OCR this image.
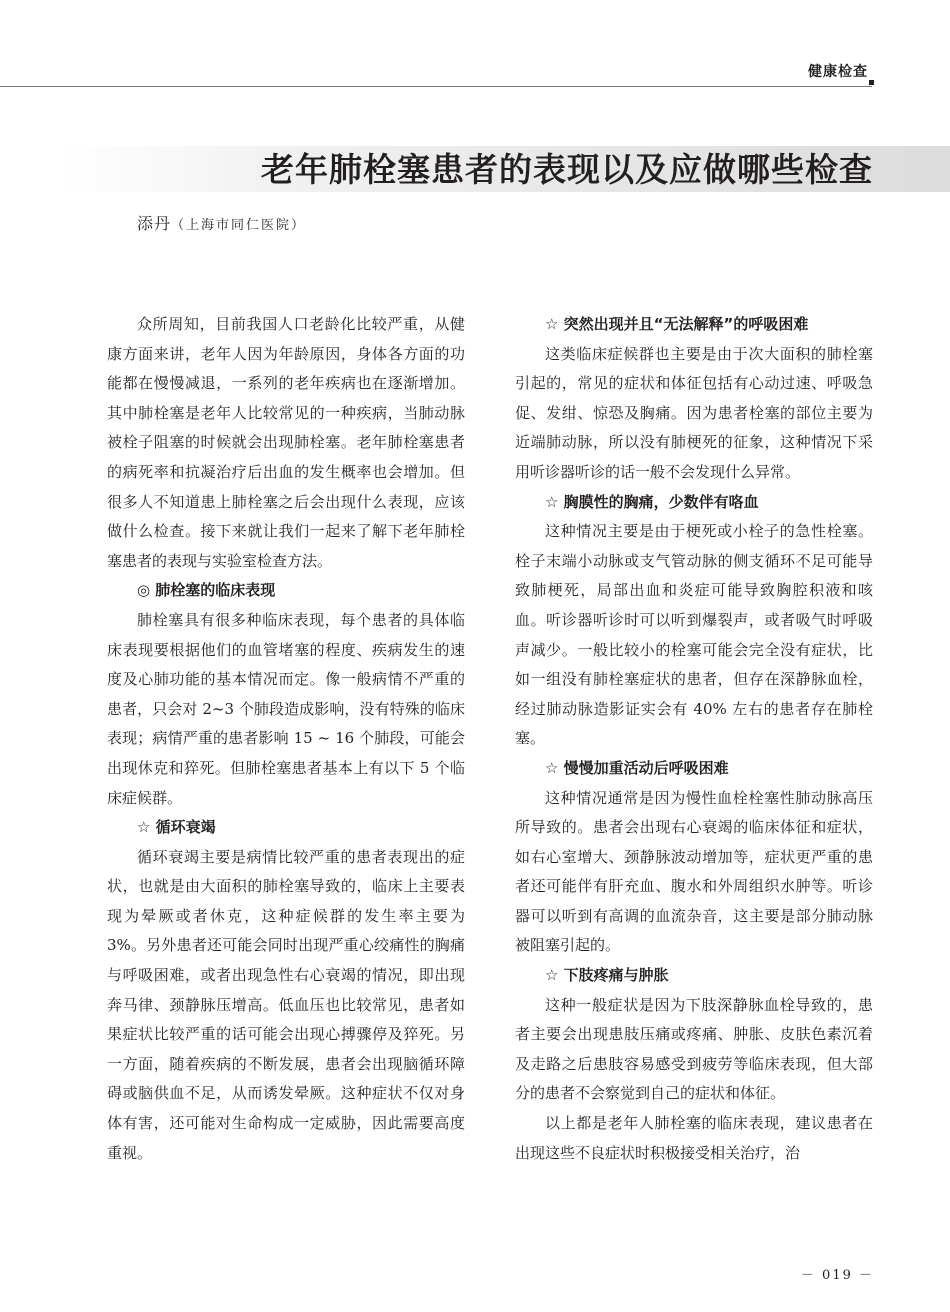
健康检查
老年肺栓塞患者的表现以及应做哪些检查
添丹（上海市同仁医院）

众所周知，目前我国人口老龄化比较严重，从健康方面来讲，老年人因为年龄原因，身体各方面的功能都在慢慢减退，一系列的老年疾病也在逐渐增加。其中肺栓塞是老年人比较常见的一种疾病，当肺动脉被栓子阻塞的时候就会出现肺栓塞。老年肺栓塞患者的病死率和抗凝治疗后出血的发生概率也会增加。但很多人不知道患上肺栓塞之后会出现什么表现，应该做什么检查。接下来就让我们一起来了解下老年肺栓塞患者的表现与实验室检查方法。

◎ 肺栓塞的临床表现

肺栓塞具有很多种临床表现，每个患者的具体临床表现要根据他们的血管堵塞的程度、疾病发生的速度及心肺功能的基本情况而定。像一般病情不严重的患者，只会对 2~3 个肺段造成影响，没有特殊的临床表现；病情严重的患者影响 15 ~ 16 个肺段，可能会出现休克和猝死。但肺栓塞患者基本上有以下 5 个临床症候群。

☆ 循环衰竭

循环衰竭主要是病情比较严重的患者表现出的症状，也就是由大面积的肺栓塞导致的，临床上主要表现为晕厥或者休克，这种症候群的发生率主要为 3%。另外患者还可能会同时出现严重心绞痛性的胸痛与呼吸困难，或者出现急性右心衰竭的情况，即出现奔马律、颈静脉压增高。低血压也比较常见，患者如果症状比较严重的话可能会出现心搏骤停及猝死。另一方面，随着疾病的不断发展，患者会出现脑循环障碍或脑供血不足，从而诱发晕厥。这种症状不仅对身体有害，还可能对生命构成一定威胁，因此需要高度重视。

☆ 突然出现并且“无法解释”的呼吸困难

这类临床症候群也主要是由于次大面积的肺栓塞引起的，常见的症状和体征包括有心动过速、呼吸急促、发绀、惊恐及胸痛。因为患者栓塞的部位主要为近端肺动脉，所以没有肺梗死的征象，这种情况下采用听诊器听诊的话一般不会发现什么异常。

☆ 胸膜性的胸痛，少数伴有咯血

这种情况主要是由于梗死或小栓子的急性栓塞。栓子末端小动脉或支气管动脉的侧支循环不足可能导致肺梗死，局部出血和炎症可能导致胸腔积液和咳血。听诊器听诊时可以听到爆裂声，或者吸气时呼吸声减少。一般比较小的栓塞可能会完全没有症状，比如一组没有肺栓塞症状的患者，但存在深静脉血栓，经过肺动脉造影证实会有 40% 左右的患者存在肺栓塞。

☆ 慢慢加重活动后呼吸困难

这种情况通常是因为慢性血栓栓塞性肺动脉高压所导致的。患者会出现右心衰竭的临床体征和症状，如右心室增大、颈静脉波动增加等，症状更严重的患者还可能伴有肝充血、腹水和外周组织水肿等。听诊器可以听到有高调的血流杂音，这主要是部分肺动脉被阻塞引起的。

☆ 下肢疼痛与肿胀

这种一般症状是因为下肢深静脉血栓导致的，患者主要会出现患肢压痛或疼痛、肿胀、皮肤色素沉着及走路之后患肢容易感受到疲劳等临床表现，但大部分的患者不会察觉到自己的症状和体征。

以上都是老年人肺栓塞的临床表现，建议患者在出现这些不良症状时积极接受相关治疗，治

－ 019 －
